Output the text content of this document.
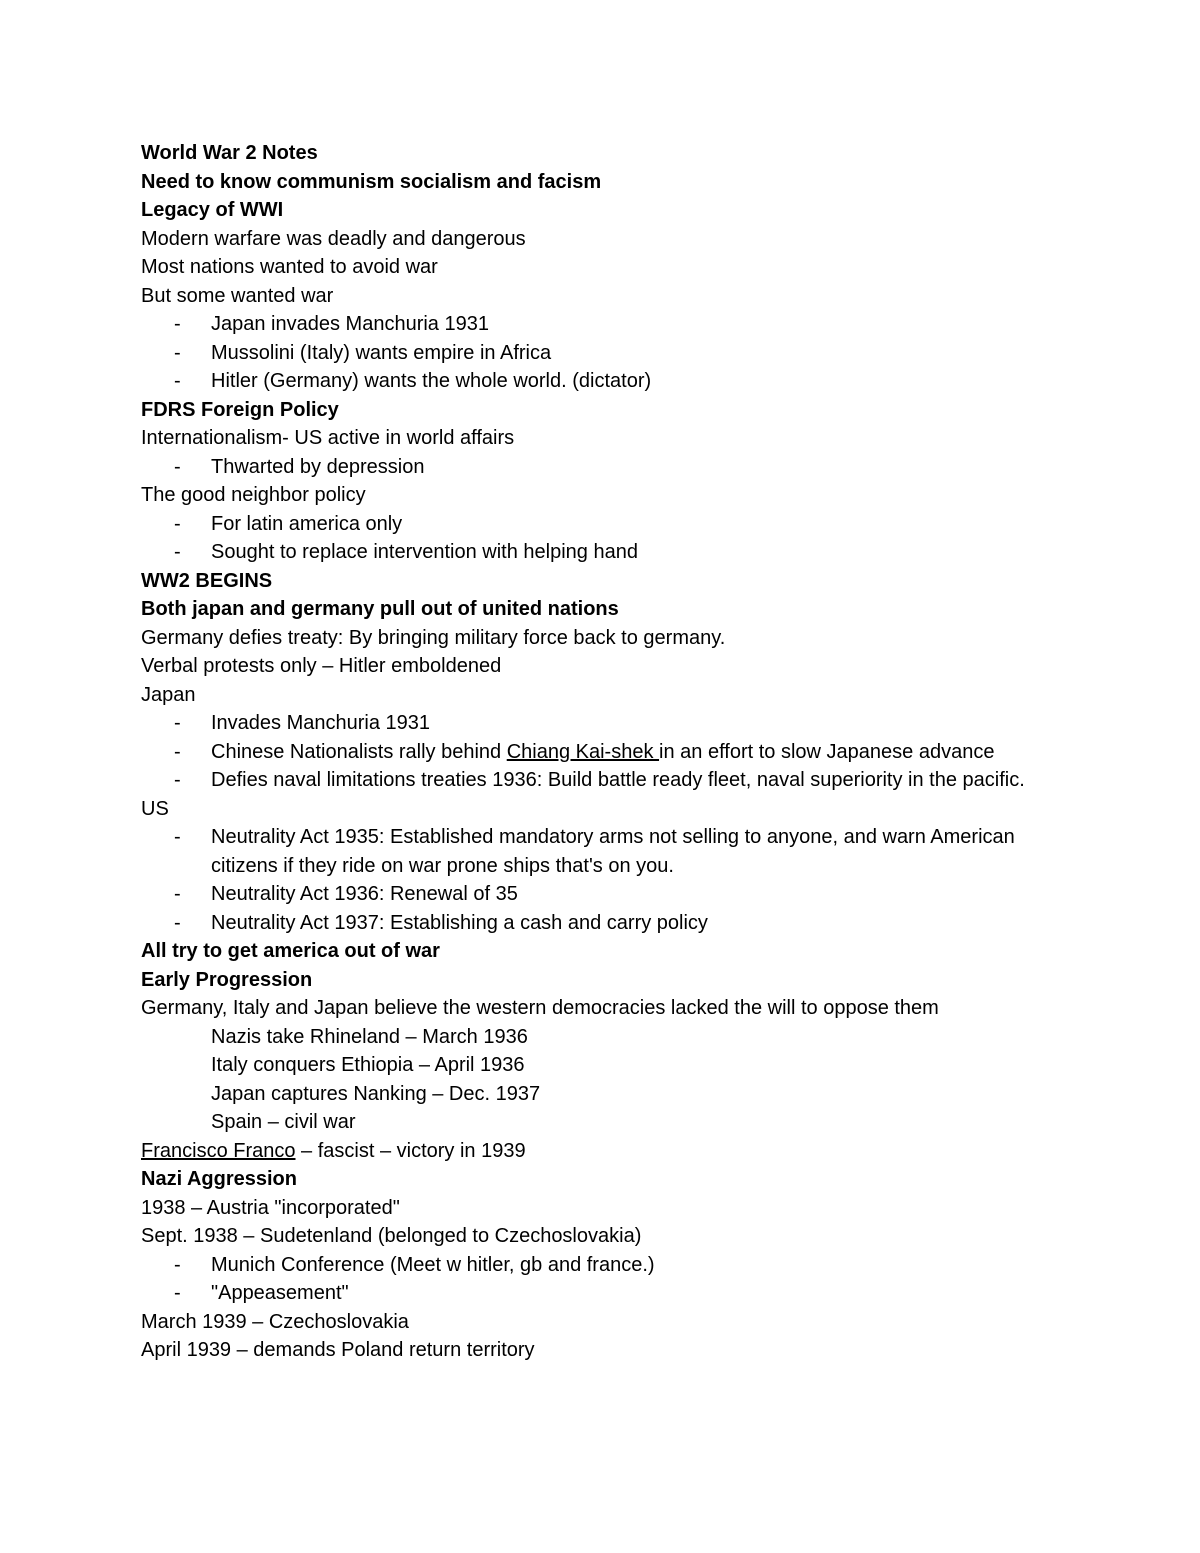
World War 2 Notes
Need to know communism socialism and facism
Legacy of WWI
Modern warfare was deadly and dangerous
Most nations wanted to avoid war
But some wanted war
- Japan invades Manchuria 1931
- Mussolini (Italy) wants empire in Africa
- Hitler (Germany) wants the whole world. (dictator)
FDRS Foreign Policy
Internationalism- US active in world affairs
- Thwarted by depression
The good neighbor policy
- For latin america only
- Sought to replace intervention with helping hand
WW2 BEGINS
Both japan and germany pull out of united nations
Germany defies treaty: By bringing military force back to germany.
Verbal protests only – Hitler emboldened
Japan
- Invades Manchuria 1931
- Chinese Nationalists rally behind Chiang Kai-shek in an effort to slow Japanese advance
- Defies naval limitations treaties 1936: Build battle ready fleet, naval superiority in the pacific.
US
- Neutrality Act 1935: Established mandatory arms not selling to anyone, and warn American citizens if they ride on war prone ships that's on you.
- Neutrality Act 1936: Renewal of 35
- Neutrality Act 1937: Establishing a cash and carry policy
All try to get america out of war
Early Progression
Germany, Italy and Japan believe the western democracies lacked the will to oppose them
Nazis take Rhineland – March 1936
Italy conquers Ethiopia – April 1936
Japan captures Nanking – Dec. 1937
Spain – civil war
Francisco Franco – fascist – victory in 1939
Nazi Aggression
1938 – Austria "incorporated"
Sept. 1938 – Sudetenland (belonged to Czechoslovakia)
- Munich Conference (Meet w hitler, gb and france.)
- "Appeasement"
March 1939 – Czechoslovakia
April 1939 – demands Poland return territory
